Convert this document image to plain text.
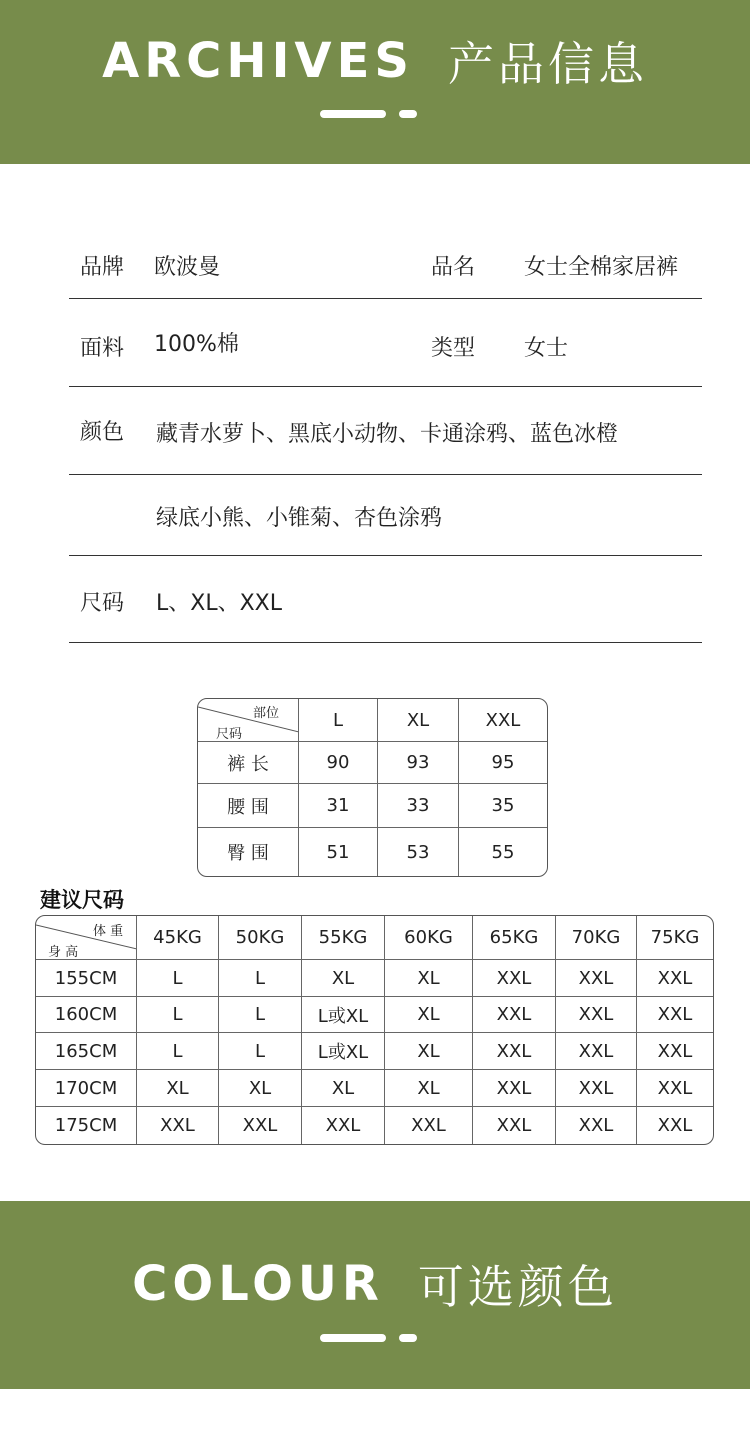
ARCHIVES 产品信息
品牌 欧波曼	品名 女士全棉家居裤
面料 100%棉	类型 女士
颜色 藏青水萝卜、黑底小动物、卡通涂鸦、蓝色冰橙
绿底小熊、小锥菊、杏色涂鸦
尺码 L、XL、XXL
部位
尺码
L	XL	XXL
裤 长	90	93	95
腰 围	31	33	35
臀 围	51	53	55
建议尺码
体 重
身 高
45KG	50KG	55KG	60KG	65KG	70KG	75KG
155CM	L	L	XL	XL	XXL	XXL	XXL
160CM	L	L	L或XL	XL	XXL	XXL	XXL
165CM	L	L	L或XL	XL	XXL	XXL	XXL
170CM	XL	XL	XL	XL	XXL	XXL	XXL
175CM	XXL	XXL	XXL	XXL	XXL	XXL	XXL
COLOUR 可选颜色
